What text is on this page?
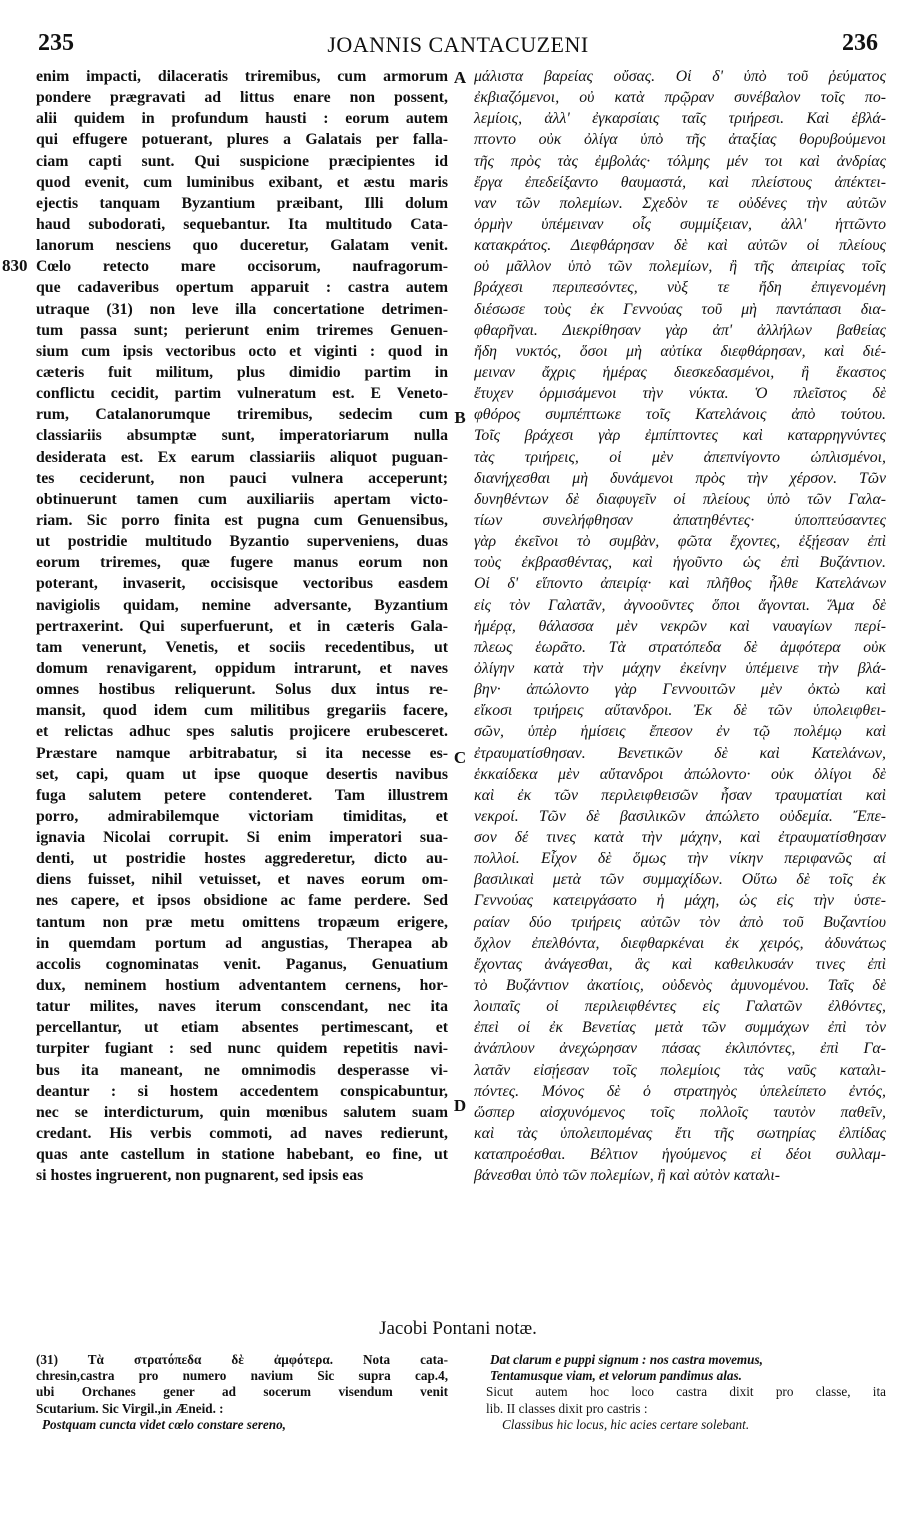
235	JOANNIS CANTACUZENI	236
enim impacti, dilaceratis triremibus, cum armorum
pondere prægravati ad littus enare non possent,
alii quidem in profundum hausti : eorum autem
qui effugere potuerant, plures a Galatais per falla-
ciam capti sunt. Qui suspicione præcipientes id
quod evenit, cum luminibus exibant, et æstu maris
ejectis tanquam Byzantium præibant, Illi dolum
haud subodorati, sequebantur. Ita multitudo Cata-
lanorum nesciens quo duceretur, Galatam venit.
830 Cœlo retecto mare occisorum, naufragorum-
que cadaveribus opertum apparuit : castra autem
utraque (31) non leve illa concertatione detrimen-
tum passa sunt; perierunt enim triremes Genuen-
sium cum ipsis vectoribus octo et viginti : quod in
cæteris fuit militum, plus dimidio partim in
conflictu cecidit, partim vulneratum est. E Veneto-
rum, Catalanorumque triremibus, sedecim cum
classiariis absumptæ sunt, imperatoriarum nulla
desiderata est. Ex earum classiariis aliquot puguan-
tes ceciderunt, non pauci vulnera acceperunt;
obtinuerunt tamen cum auxiliariis apertam victo-
riam. Sic porro finita est pugna cum Genuensibus,
ut postridie multitudo Byzantio superveniens, duas
eorum triremes, quæ fugere manus eorum non
poterant, invaserit, occisisque vectoribus easdem
navigiolis quidam, nemine adversante, Byzantium
pertraxerint. Qui superfuerunt, et in cæteris Gala-
tam venerunt, Venetis, et sociis recedentibus, ut
domum renavigarent, oppidum intrarunt, et naves
omnes hostibus reliquerunt. Solus dux intus re-
mansit, quod idem cum militibus gregariis facere,
et relictas adhuc spes salutis projicere erubesceret.
Præstare namque arbitrabatur, si ita necesse es-
set, capi, quam ut ipse quoque desertis navibus
fuga salutem petere contenderet. Tam illustrem
porro, admirabilemque victoriam timiditas, et
ignavia Nicolai corrupit. Si enim imperatori sua-
denti, ut postridie hostes aggrederetur, dicto au-
diens fuisset, nihil vetuisset, et naves eorum om-
nes capere, et ipsos obsidione ac fame perdere. Sed
tantum non præ metu omittens tropæum erigere,
in quemdam portum ad angustias, Therapea ab
accolis cognominatas venit. Paganus, Genuatium
dux, neminem hostium adventantem cernens, hor-
tatur milites, naves iterum conscendant, nec ita
percellantur, ut etiam absentes pertimescant, et
turpiter fugiant : sed nunc quidem repetitis navi-
bus ita maneant, ne omnimodis desperasse vi-
deantur : si hostem accedentem conspicabuntur,
nec se interdicturum, quin mœnibus salutem suam
credant. His verbis commoti, ad naves redierunt,
quas ante castellum in statione habebant, eo fine, ut
si hostes ingruerent, non pugnarent, sed ipsis eas
μάλιστα βαρείας οὔσας. Οἱ δ' ὑπὸ τοῦ ῥεύματος
ἐκβιαζόμενοι, οὐ κατὰ πρῷραν συνέβαλον τοῖς πο-
λεμίοις, ἀλλ' ἐγκαρσίαις ταῖς τριήρεσι. Καὶ ἐβλά-
πτοντο οὐκ ὀλίγα ὑπὸ τῆς ἀταξίας θορυβούμενοι
τῆς πρὸς τὰς ἐμβολάς· τόλμης μέν τοι καὶ ἀνδρίας
ἔργα ἐπεδείξαντο θαυμαστά, καὶ πλείστους ἀπέκτει-
ναν τῶν πολεμίων. Σχεδὸν τε οὐδένες τὴν αὐτῶν
ὁρμὴν ὑπέμειναν οἷς συμμίξειαν, ἀλλ' ἡττῶντο
κατακράτος. Διεφθάρησαν δὲ καὶ αὐτῶν οἱ πλείους
οὐ μᾶλλον ὑπὸ τῶν πολεμίων, ἢ τῆς ἀπειρίας τοῖς
βράχεσι περιπεσόντες, νὺξ τε ἤδη ἐπιγενομένη
διέσωσε τοὺς ἐκ Γεννούας τοῦ μὴ παντάπασι δια-
φθαρῆναι. Διεκρίθησαν γὰρ ἀπ' ἀλλήλων βαθείας
ἤδη νυκτός, ὅσοι μὴ αὐτίκα διεφθάρησαν, καὶ διέ-
μειναν ἄχρις ἡμέρας διεσκεδασμένοι, ἢ ἕκαστος
ἔτυχεν ὁρμισάμενοι τὴν νύκτα. Ὁ πλεῖστος δὲ
φθόρος συμπέπτωκε τοῖς Κατελάνοις ἀπὸ τούτου.
Τοῖς βράχεσι γὰρ ἐμπίπτοντες καὶ καταρρηγνύντες
τὰς τριήρεις, οἱ μὲν ἀπεπνίγοντο ὡπλισμένοι,
διανήχεσθαι μὴ δυνάμενοι πρὸς τὴν χέρσον. Τῶν
δυνηθέντων δὲ διαφυγεῖν οἱ πλείους ὑπὸ τῶν Γαλα-
τίων συνελήφθησαν ἀπατηθέντες· ὑποπτεύσαντες
γὰρ ἐκεῖνοι τὸ συμβὰν, φῶτα ἔχοντες, ἐξῄεσαν ἐπὶ
τοὺς ἐκβρασθέντας, καὶ ἡγοῦντο ὡς ἐπὶ Βυζάντιον.
Οἱ δ' εἵποντο ἀπειρίᾳ· καὶ πλῆθος ἦλθε Κατελάνων
εἰς τὸν Γαλατᾶν, ἀγνοοῦντες ὅποι ἄγονται. Ἅμα δὲ
ἡμέρᾳ, θάλασσα μὲν νεκρῶν καὶ ναυαγίων περί-
πλεως ἑωρᾶτο. Τὰ στρατόπεδα δὲ ἀμφότερα οὐκ
ὀλίγην κατὰ τὴν μάχην ἐκείνην ὑπέμεινε τὴν βλά-
βην· ἀπώλοντο γὰρ Γεννουιτῶν μὲν ὀκτὼ καὶ
εἴκοσι τριήρεις αὔτανδροι. Ἐκ δὲ τῶν ὑπολειφθει-
σῶν, ὑπὲρ ἡμίσεις ἔπεσον ἐν τῷ πολέμῳ καὶ
ἐτραυματίσθησαν. Βενετικῶν δὲ καὶ Κατελάνων,
ἑκκαίδεκα μὲν αὔτανδροι ἀπώλοντο· οὐκ ὀλίγοι δὲ
καὶ ἐκ τῶν περιλειφθεισῶν ἦσαν τραυματίαι καὶ
νεκροί. Τῶν δὲ βασιλικῶν ἀπώλετο οὐδεμία. Ἔπε-
σον δέ τινες κατὰ τὴν μάχην, καὶ ἐτραυματίσθησαν
πολλοί. Εἶχον δὲ ὅμως τὴν νίκην περιφανῶς αἱ
βασιλικαὶ μετὰ τῶν συμμαχίδων. Οὕτω δὲ τοῖς ἐκ
Γεννούας κατειργάσατο ἡ μάχη, ὡς εἰς τὴν ὑστε-
ραίαν δύο τριήρεις αὐτῶν τὸν ἀπὸ τοῦ Βυζαντίου
ὄχλον ἐπελθόντα, διεφθαρκέναι ἐκ χειρός, ἀδυνάτως
ἔχοντας ἀνάγεσθαι, ἃς καὶ καθειλκυσάν τινες ἐπὶ
τὸ Βυζάντιον ἀκατίοις, οὐδενὸς ἀμυνομένου. Ταῖς δὲ
λοιπαῖς οἱ περιλειφθέντες εἰς Γαλατῶν ἐλθόντες,
ἐπεὶ οἱ ἐκ Βενετίας μετὰ τῶν συμμάχων ἐπὶ τὸν
ἀνάπλουν ἀνεχώρησαν πάσας ἐκλιπόντες, ἐπὶ Γα-
λατᾶν εἰσῄεσαν τοῖς πολεμίοις τὰς ναῦς καταλι-
πόντες. Μόνος δὲ ὁ στρατηγὸς ὑπελείπετο ἐντός,
ὥσπερ αἰσχυνόμενος τοῖς πολλοῖς ταυτὸν παθεῖν,
καὶ τὰς ὑπολειπομένας ἔτι τῆς σωτηρίας ἐλπίδας
καταπροέσθαι. Βέλτιον ἡγούμενος εἰ δέοι συλλαμ-
βάνεσθαι ὑπὸ τῶν πολεμίων, ἢ καὶ αὐτὸν καταλι-
A
B
C
D
Jacobi Pontani notæ.
(31) Τὰ στρατόπεδα δὲ ἀμφότερα. Nota cata-
chresin,castra pro numero navium Sic supra cap.4,
ubi Orchanes gener ad socerum visendum venit
Scutarium. Sic Virgil.,in Æneid. :
Postquam cuncta videt cœlo constare sereno,
Dat clarum e puppi signum : nos castra movemus,
Tentamusque viam, et velorum pandimus alas.
Sicut autem hoc loco castra dixit pro classe, ita
lib. II classes dixit pro castris :
Classibus hic locus, hic acies certare solebant.
